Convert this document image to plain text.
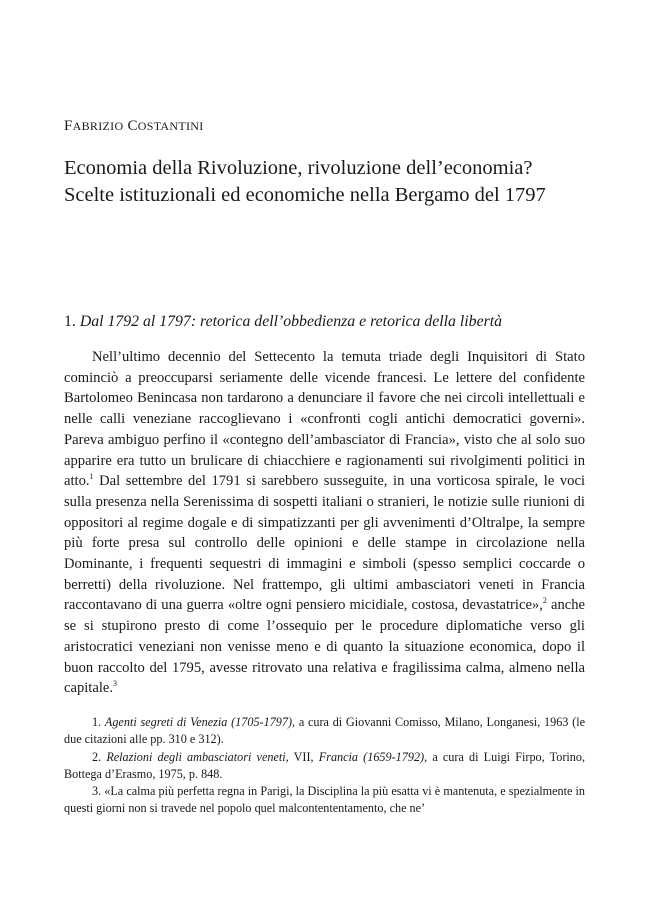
FABRIZIO COSTANTINI
Economia della Rivoluzione, rivoluzione dell’economia?
Scelte istituzionali ed economiche nella Bergamo del 1797
1. Dal 1792 al 1797: retorica dell’obbedienza e retorica della libertà

Nell’ultimo decennio del Settecento la temuta triade degli Inquisitori di Stato cominciò a preoccuparsi seriamente delle vicende francesi. Le lettere del confidente Bartolomeo Benincasa non tardarono a denunciare il favore che nei circoli intellettuali e nelle calli veneziane raccoglievano i «confronti cogli antichi democratici governi». Pareva ambiguo perfino il «contegno dell’ambasciator di Francia», visto che al solo suo apparire era tutto un brulicare di chiacchiere e ragionamenti sui rivolgimenti politici in atto.$^1$ Dal settembre del 1791 si sarebbero susseguite, in una vorticosa spirale, le voci sulla presenza nella Serenissima di sospetti italiani o stranieri, le notizie sulle riunioni di oppositori al regime dogale e di simpatizzanti per gli avvenimenti d’Oltralpe, la sempre più forte presa sul controllo delle opinioni e delle stampe in circolazione nella Dominante, i frequenti sequestri di immagini e simboli (spesso semplici coccarde o berretti) della rivoluzione. Nel frattempo, gli ultimi ambasciatori veneti in Francia raccontavano di una guerra «oltre ogni pensiero micidiale, costosa, devastatrice»,$^2$ anche se si stupirono presto di come l’ossequio per le procedure diplomatiche verso gli aristocratici veneziani non venisse meno e di quanto la situazione economica, dopo il buon raccolto del 1795, avesse ritrovato una relativa e fragilissima calma, almeno nella capitale.$^3$

1. Agenti segreti di Venezia (1705-1797), a cura di Giovanni Comisso, Milano, Longanesi, 1963 (le due citazioni alle pp. 310 e 312).

2. Relazioni degli ambasciatori veneti, VII, Francia (1659-1792), a cura di Luigi Firpo, Torino, Bottega d’Erasmo, 1975, p. 848.

3. «La calma più perfetta regna in Parigi, la Disciplina la più esatta vi è mantenuta, e spezialmente in questi giorni non si travede nel popolo quel malcontententamento, che ne’
